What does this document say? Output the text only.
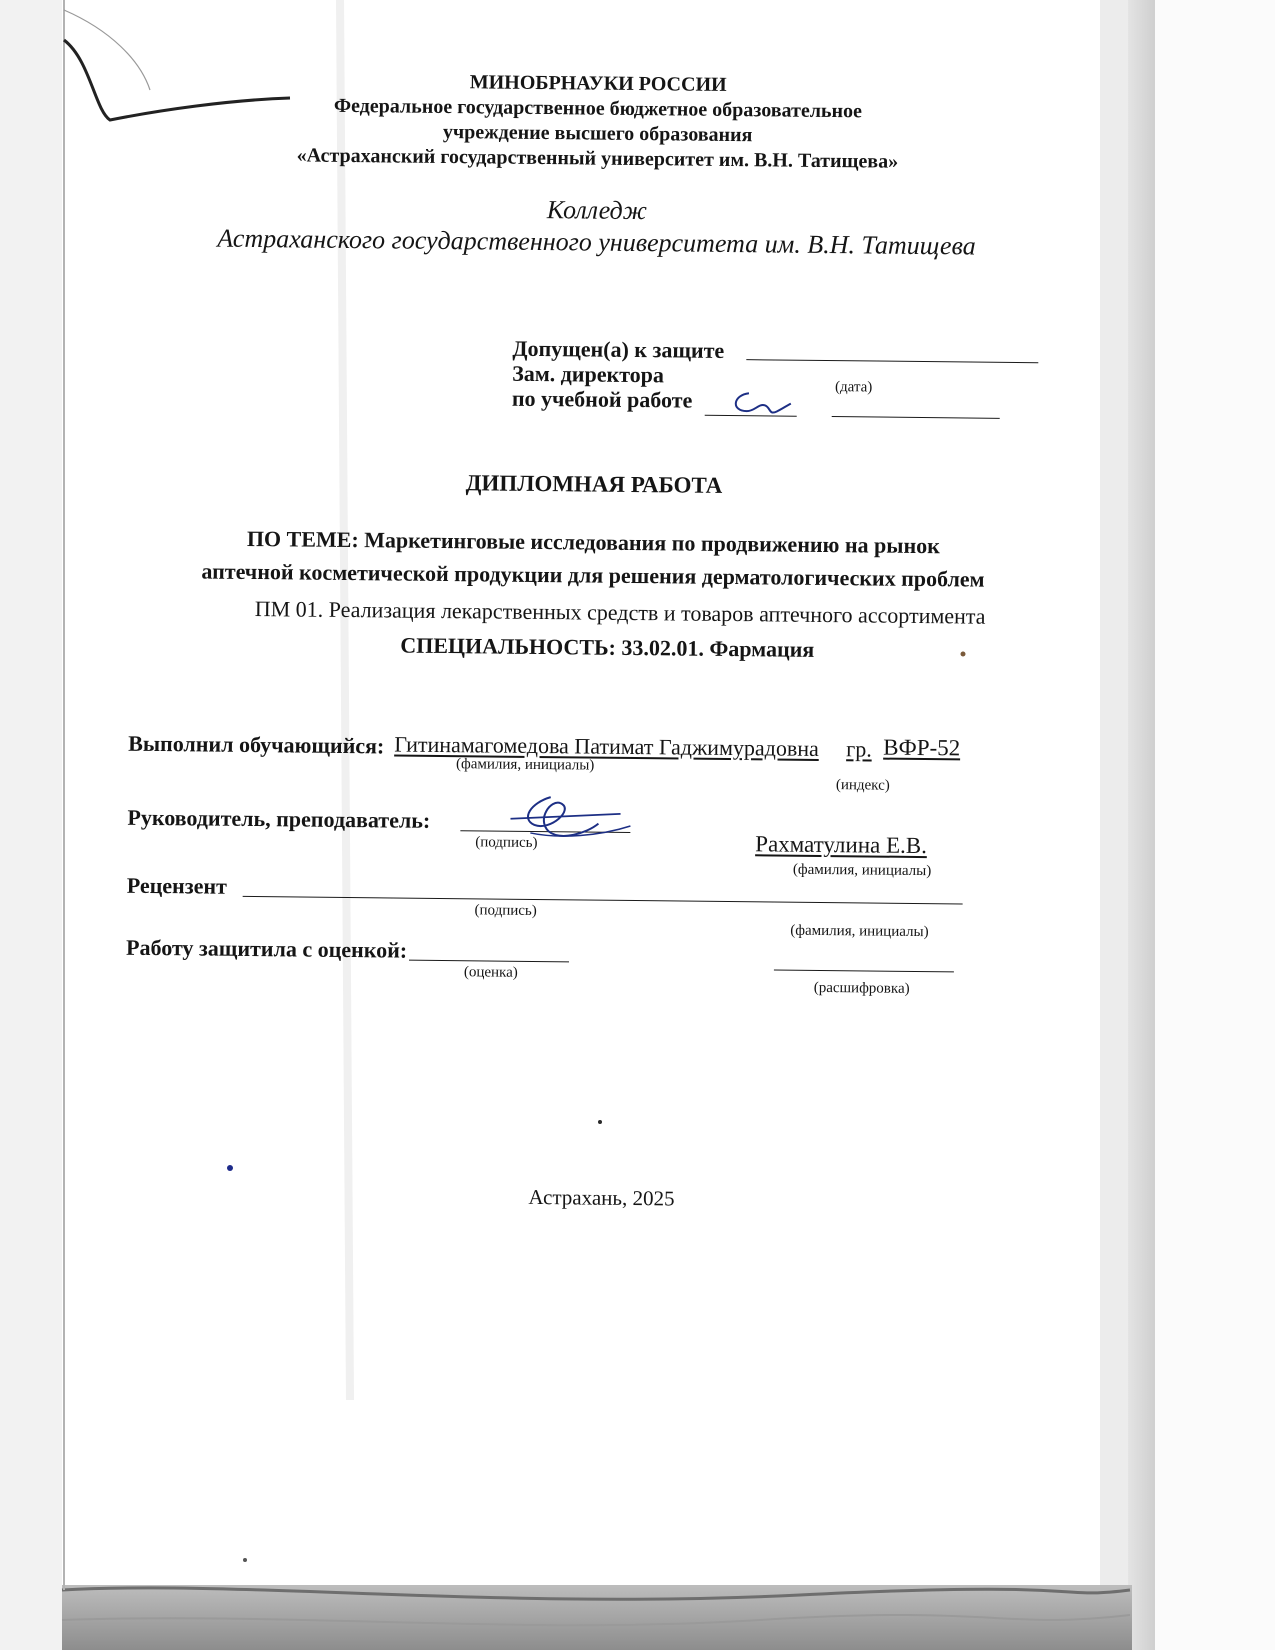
МИНОБРНАУКИ РОССИИ
Федеральное государственное бюджетное образовательное
учреждение высшего образования
«Астраханский государственный университет им. В.Н. Татищева»
Колледж
Астраханского государственного университета им. В.Н. Татищева
Допущен(а) к защите
Зам. директора	(дата)
по учебной работе
ДИПЛОМНАЯ РАБОТА
ПО ТЕМЕ: Маркетинговые исследования по продвижению на рынок
аптечной косметической продукции для решения дерматологических проблем
ПМ 01. Реализация лекарственных средств и товаров аптечного ассортимента
СПЕЦИАЛЬНОСТЬ: 33.02.01. Фармация
Выполнил обучающийся: Гитинамагомедова Патимат Гаджимурадовна гр. ВФР-52
(фамилия, инициалы)
(индекс)
Руководитель, преподаватель:
(подпись)	Рахматулина Е.В.
(фамилия, инициалы)
Рецензент
(подпись)
(фамилия, инициалы)
Работу защитила с оценкой:
(оценка)
(расшифровка)
Астрахань, 2025
